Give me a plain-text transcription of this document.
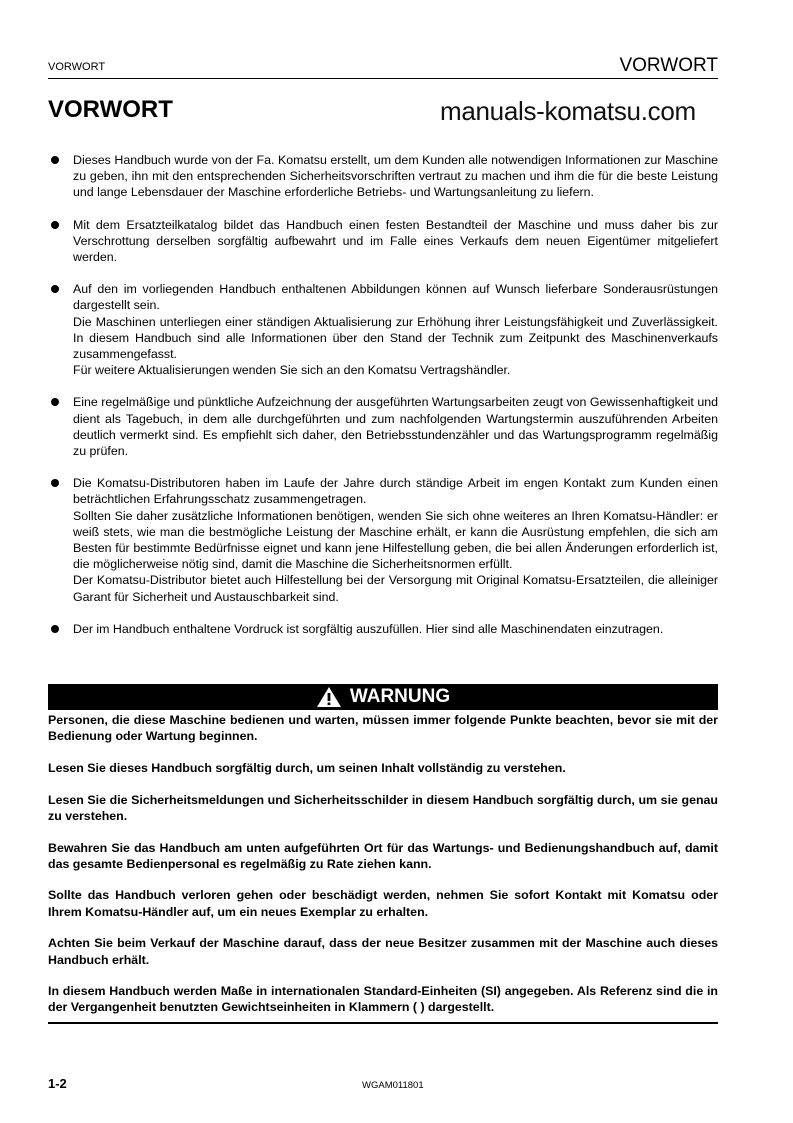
VORWORT	VORWORT
VORWORT	manuals-komatsu.com

Dieses Handbuch wurde von der Fa. Komatsu erstellt, um dem Kunden alle notwendigen Informationen zur Maschine zu geben, ihn mit den entsprechenden Sicherheitsvorschriften vertraut zu machen und ihm die für die beste Leistung und lange Lebensdauer der Maschine erforderliche Betriebs- und Wartungsanleitung zu liefern.

Mit dem Ersatzteilkatalog bildet das Handbuch einen festen Bestandteil der Maschine und muss daher bis zur Verschrottung derselben sorgfältig aufbewahrt und im Falle eines Verkaufs dem neuen Eigentümer mitgeliefert werden.

Auf den im vorliegenden Handbuch enthaltenen Abbildungen können auf Wunsch lieferbare Sonderausrüstungen dargestellt sein.

Die Maschinen unterliegen einer ständigen Aktualisierung zur Erhöhung ihrer Leistungsfähigkeit und Zuverlässigkeit. In diesem Handbuch sind alle Informationen über den Stand der Technik zum Zeitpunkt des Maschinenverkaufs zusammengefasst.

Für weitere Aktualisierungen wenden Sie sich an den Komatsu Vertragshändler.

Eine regelmäßige und pünktliche Aufzeichnung der ausgeführten Wartungsarbeiten zeugt von Gewissenhaftigkeit und dient als Tagebuch, in dem alle durchgeführten und zum nachfolgenden Wartungstermin auszuführenden Arbeiten deutlich vermerkt sind. Es empfiehlt sich daher, den Betriebsstundenzähler und das Wartungsprogramm regelmäßig zu prüfen.

Die Komatsu-Distributoren haben im Laufe der Jahre durch ständige Arbeit im engen Kontakt zum Kunden einen beträchtlichen Erfahrungsschatz zusammengetragen.

Sollten Sie daher zusätzliche Informationen benötigen, wenden Sie sich ohne weiteres an Ihren Komatsu-Händler: er weiß stets, wie man die bestmögliche Leistung der Maschine erhält, er kann die Ausrüstung empfehlen, die sich am Besten für bestimmte Bedürfnisse eignet und kann jene Hilfestellung geben, die bei allen Änderungen erforderlich ist, die möglicherweise nötig sind, damit die Maschine die Sicherheitsnormen erfüllt.

Der Komatsu-Distributor bietet auch Hilfestellung bei der Versorgung mit Original Komatsu-Ersatzteilen, die alleiniger Garant für Sicherheit und Austauschbarkeit sind.

Der im Handbuch enthaltene Vordruck ist sorgfältig auszufüllen. Hier sind alle Maschinendaten einzutragen.

WARNUNG

Personen, die diese Maschine bedienen und warten, müssen immer folgende Punkte beachten, bevor sie mit der Bedienung oder Wartung beginnen.

Lesen Sie dieses Handbuch sorgfältig durch, um seinen Inhalt vollständig zu verstehen.

Lesen Sie die Sicherheitsmeldungen und Sicherheitsschilder in diesem Handbuch sorgfältig durch, um sie genau zu verstehen.

Bewahren Sie das Handbuch am unten aufgeführten Ort für das Wartungs- und Bedienungshandbuch auf, damit das gesamte Bedienpersonal es regelmäßig zu Rate ziehen kann.

Sollte das Handbuch verloren gehen oder beschädigt werden, nehmen Sie sofort Kontakt mit Komatsu oder Ihrem Komatsu-Händler auf, um ein neues Exemplar zu erhalten.

Achten Sie beim Verkauf der Maschine darauf, dass der neue Besitzer zusammen mit der Maschine auch dieses Handbuch erhält.

In diesem Handbuch werden Maße in internationalen Standard-Einheiten (SI) angegeben. Als Referenz sind die in der Vergangenheit benutzten Gewichtseinheiten in Klammern ( ) dargestellt.

1-2	WGAM011801
